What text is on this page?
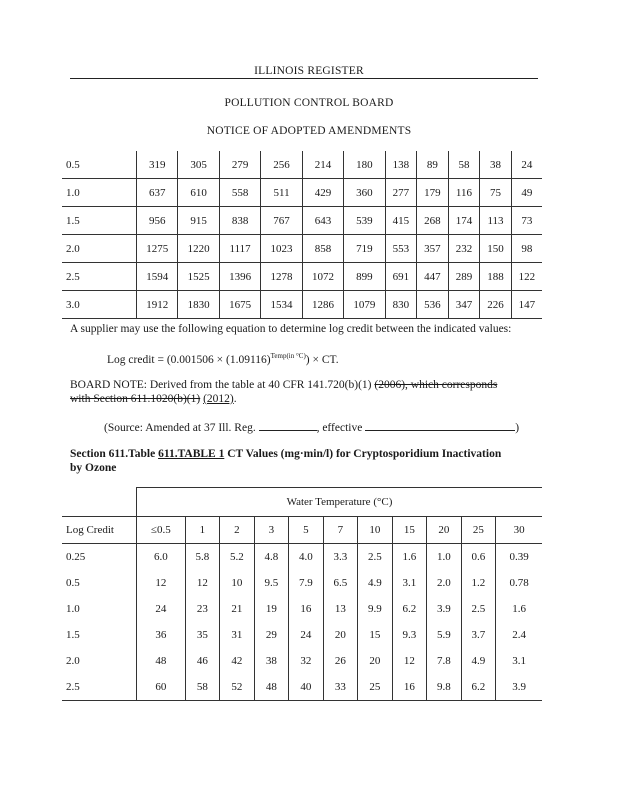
ILLINOIS REGISTER
POLLUTION CONTROL BOARD
NOTICE OF ADOPTED AMENDMENTS
0.5	319	305	279	256	214	180	138	89	58	38	24
1.0	637	610	558	511	429	360	277	179	116	75	49
1.5	956	915	838	767	643	539	415	268	174	113	73
2.0	1275	1220	1117	1023	858	719	553	357	232	150	98
2.5	1594	1525	1396	1278	1072	899	691	447	289	188	122
3.0	1912	1830	1675	1534	1286	1079	830	536	347	226	147
A supplier may use the following equation to determine log credit between the indicated values:
Log credit = $(0.001506 \times (1.09116)^{Temp(in ^\circ C)})$ × CT.
BOARD NOTE: Derived from the table at 40 CFR 141.720(b)(1) (2006), which corresponds
with Section 611.1020(b)(1) (2012).
(Source: Amended at 37 Ill. Reg.	, effective	)
Section 611.Table 611.TABLE 1 CT Values (mg·min/l) for Cryptosporidium Inactivation
by Ozone
	Water Temperature (°C)										
Log Credit	≤0.5	1	2	3	5	7	10	15	20	25	30
0.25	6.0	5.8	5.2	4.8	4.0	3.3	2.5	1.6	1.0	0.6	0.39
0.5	12	12	10	9.5	7.9	6.5	4.9	3.1	2.0	1.2	0.78
1.0	24	23	21	19	16	13	9.9	6.2	3.9	2.5	1.6
1.5	36	35	31	29	24	20	15	9.3	5.9	3.7	2.4
2.0	48	46	42	38	32	26	20	12	7.8	4.9	3.1
2.5	60	58	52	48	40	33	25	16	9.8	6.2	3.9
